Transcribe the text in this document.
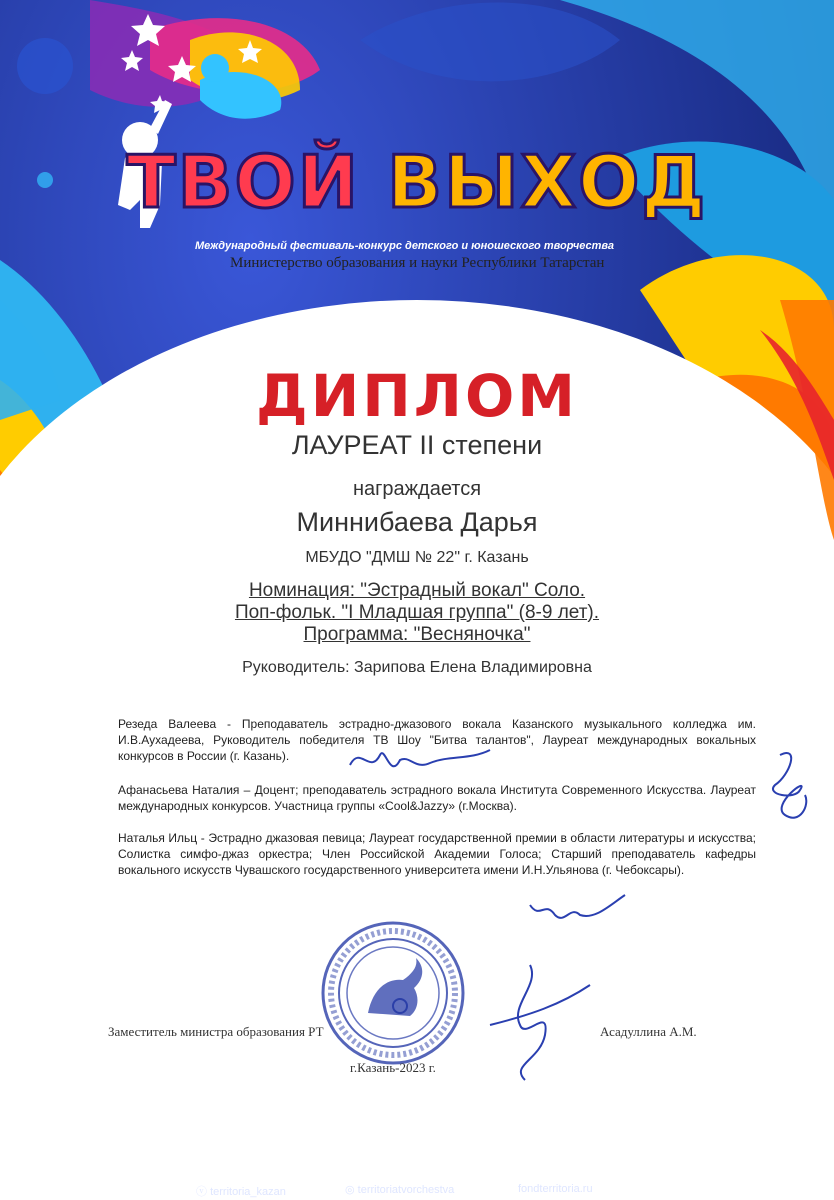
ТВОЙ ВЫХОД
Международный фестиваль-конкурс детского и юношеского творчества
Министерство образования и науки Республики Татарстан
ДИПЛОМ
ЛАУРЕАТ II степени
награждается
Миннибаева Дарья
МБУДО "ДМШ № 22" г. Казань
Номинация: "Эстрадный вокал" Соло.
Поп-фольк. "I Младшая группа" (8-9 лет).
Программа: "Весняночка"
Руководитель: Зарипова Елена Владимировна
Резеда Валеева - Преподаватель эстрадно-джазового вокала Казанского музыкального колледжа им. И.В.Аухадеева, Руководитель победителя ТВ Шоу "Битва талантов", Лауреат международных вокальных конкурсов в России (г. Казань).
Афанасьева Наталия – Доцент; преподаватель эстрадного вокала Института Современного Искусства. Лауреат международных конкурсов. Участница группы «Cool&Jazzy» (г.Москва).
Наталья Ильц - Эстрадно джазовая певица; Лауреат государственной премии в области литературы и искусства; Солистка симфо-джаз оркестра; Член Российской Академии Голоса; Старший преподаватель кафедры вокального искусств Чувашского государственного университета имени И.Н.Ульянова (г. Чебоксары).
Заместитель министра образования РТ	Асадуллина А.М.
г.Казань-2023 г.
ТЕРРИТОРИЯ ТВОРЧЕСТВА
ⓥ territoria_kazan	◎ territoriatvorchestva	fondterritoria.ru
